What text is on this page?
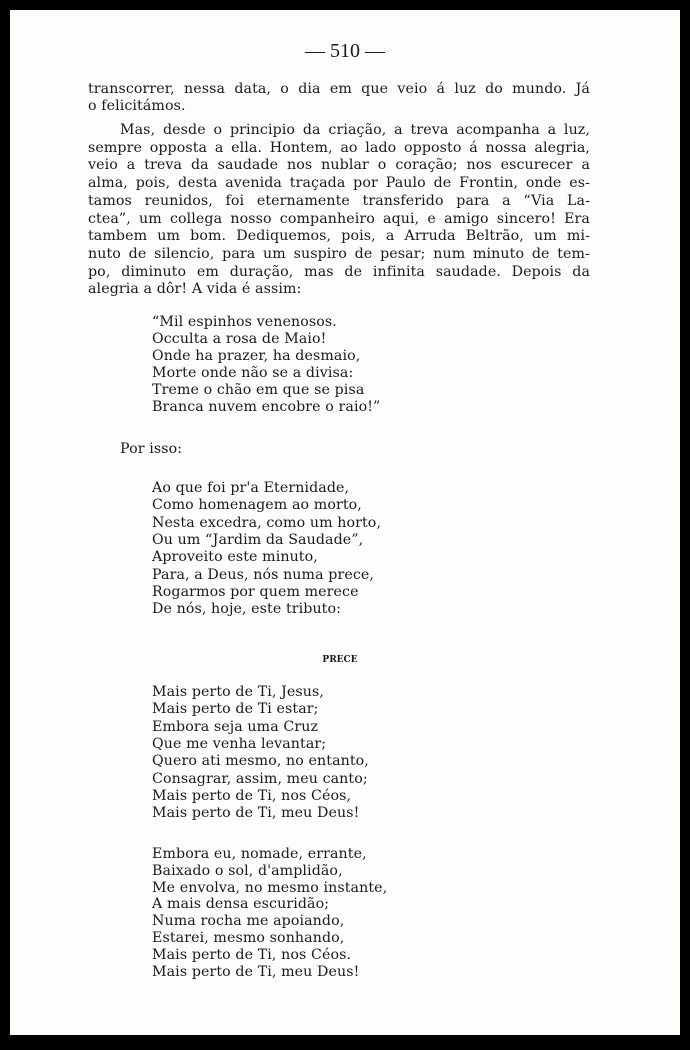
— 510 —
PRECE
Por isso:
transcorrer, nessa data, o dia em que veio á luz do mundo. Já
o felicitámos.
Mas, desde o principio da criação, a treva acompanha a luz,
sempre opposta a ella. Hontem, ao lado opposto á nossa alegria,
veio a treva da saudade nos nublar o coração; nos escurecer a
alma, pois, desta avenida traçada por Paulo de Frontin, onde es-
tamos reunidos, foi eternamente transferido para a “Via La-
ctea”, um collega nosso companheiro aqui, e amigo sincero! Era
tambem um bom. Dediquemos, pois, a Arruda Beltrão, um mi-
nuto de silencio, para um suspiro de pesar; num minuto de tem-
po, diminuto em duração, mas de infinita saudade. Depois da
alegria a dôr! A vida é assim:
“Mil espinhos venenosos.
Occulta a rosa de Maio!
Onde ha prazer, ha desmaio,
Morte onde não se a divisa:
Treme o chão em que se pisa
Branca nuvem encobre o raio!”
Ao que foi pr'a Eternidade,
Como homenagem ao morto,
Nesta excedra, como um horto,
Ou um “Jardim da Saudade”,
Aproveito este minuto,
Para, a Deus, nós numa prece,
Rogarmos por quem merece
De nós, hoje, este tributo:
Mais perto de Ti, Jesus,
Mais perto de Ti estar;
Embora seja uma Cruz
Que me venha levantar;
Quero ati mesmo, no entanto,
Consagrar, assim, meu canto;
Mais perto de Ti, nos Céos,
Mais perto de Ti, meu Deus!
Embora eu, nomade, errante,
Baixado o sol, d'amplidão,
Me envolva, no mesmo instante,
A mais densa escuridão;
Numa rocha me apoiando,
Estarei, mesmo sonhando,
Mais perto de Ti, nos Céos.
Mais perto de Ti, meu Deus!
